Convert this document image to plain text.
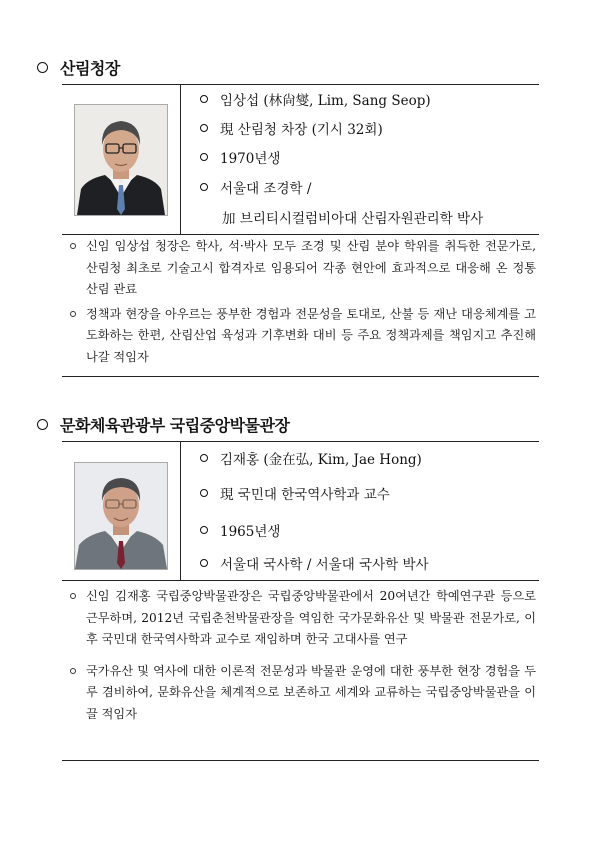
산림청장
임상섭 (林尙燮, Lim, Sang Seop)
現 산림청 차장 (기시 32회)
1970년생
서울대 조경학 /
加 브리티시컬럼비아대 산림자원관리학 박사
신임 임상섭 청장은 학사, 석·박사 모두 조경 및 산림 분야 학위를 취득한 전문가로, 산림청 최초로 기술고시 합격자로 임용되어 각종 현안에 효과적으로 대응해 온 정통 산림 관료
정책과 현장을 아우르는 풍부한 경험과 전문성을 토대로, 산불 등 재난 대응체계를 고도화하는 한편, 산림산업 육성과 기후변화 대비 등 주요 정책과제를 책임지고 추진해 나갈 적임자
문화체육관광부 국립중앙박물관장
김재홍 (金在弘, Kim, Jae Hong)
現 국민대 한국역사학과 교수
1965년생
서울대 국사학 / 서울대 국사학 박사
신임 김재홍 국립중앙박물관장은 국립중앙박물관에서 20여년간 학예연구관 등으로 근무하며, 2012년 국립춘천박물관장을 역임한 국가문화유산 및 박물관 전문가로, 이후 국민대 한국역사학과 교수로 재임하며 한국 고대사를 연구
국가유산 및 역사에 대한 이론적 전문성과 박물관 운영에 대한 풍부한 현장 경험을 두루 겸비하여, 문화유산을 체계적으로 보존하고 세계와 교류하는 국립중앙박물관을 이끌 적임자
